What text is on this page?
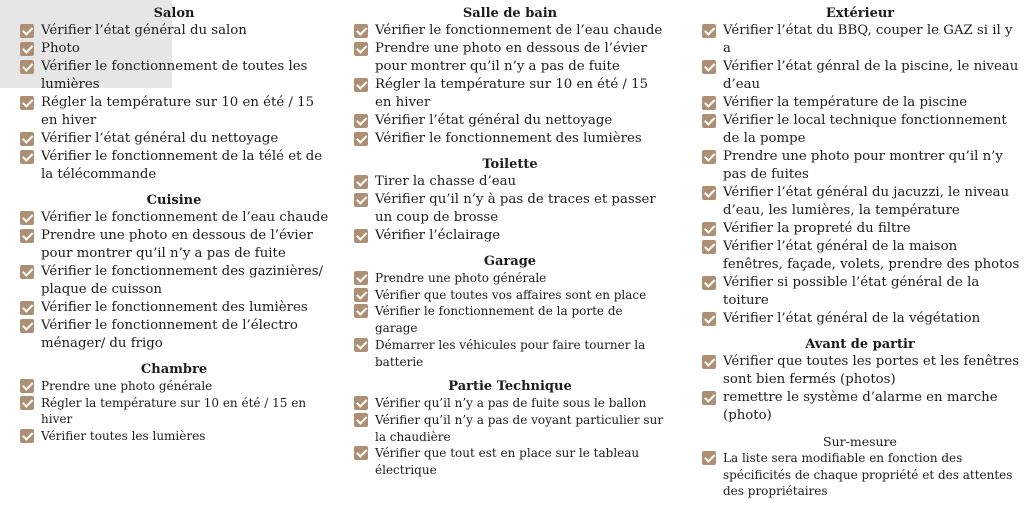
Salon
Vérifier l’état général du salon
Photo
Vérifier le fonctionnement de toutes les lumières
Régler la température sur 10 en été / 15 en hiver
Vérifier l’état général du nettoyage
Vérifier le fonctionnement de la télé et de la télécommande
Cuisine
Vérifier le fonctionnement de l’eau chaude
Prendre une photo en dessous de l’évier pour montrer qu’il n’y a pas de fuite
Vérifier le fonctionnement des gazinières/ plaque de cuisson
Vérifier le fonctionnement des lumières
Vérifier le fonctionnement de l’électro ménager/ du frigo
Chambre
Prendre une photo générale
Régler la température sur 10 en été / 15 en hiver
Vérifier toutes les lumières
Salle de bain
Vérifier le fonctionnement de l’eau chaude
Prendre une photo en dessous de l’évier pour montrer qu’il n’y a pas de fuite
Régler la température sur 10 en été / 15 en hiver
Vérifier l’état général du nettoyage
Vérifier le fonctionnement des lumières
Toilette
Tirer la chasse d’eau
Vérifier qu’il n’y à pas de traces et passer un coup de brosse
Vérifier l’éclairage
Garage
Prendre une photo générale
Vérifier que toutes vos affaires sont en place
Vérifier le fonctionnement de la porte de garage
Démarrer les véhicules pour faire tourner la batterie
Partie Technique
Vérifier qu’il n’y a pas de fuite sous le ballon
Vérifier qu’il n’y a pas de voyant particulier sur la chaudière
Vérifier que tout est en place sur le tableau électrique
Extérieur
Vérifier l’état du BBQ, couper le GAZ si il y a
Vérifier l’état génral de la piscine, le niveau d’eau
Vérifier la température de la piscine
Vérifier le local technique fonctionnement de la pompe
Prendre une photo pour montrer qu’il n’y pas de fuites
Vérifier l’état général du jacuzzi, le niveau d’eau, les lumières, la température
Vérifier la propreté du filtre
Vérifier l’état général de la maison fenêtres, façade, volets, prendre des photos
Vérifier si possible l’état général de la toiture
Vérifier l’état général de la végétation
Avant de partir
Vérifier que toutes les portes et les fenêtres sont bien fermés (photos)
remettre le système d’alarme en marche (photo)
Sur-mesure
La liste sera modifiable en fonction des spécificités de chaque propriété et des attentes des propriétaires
